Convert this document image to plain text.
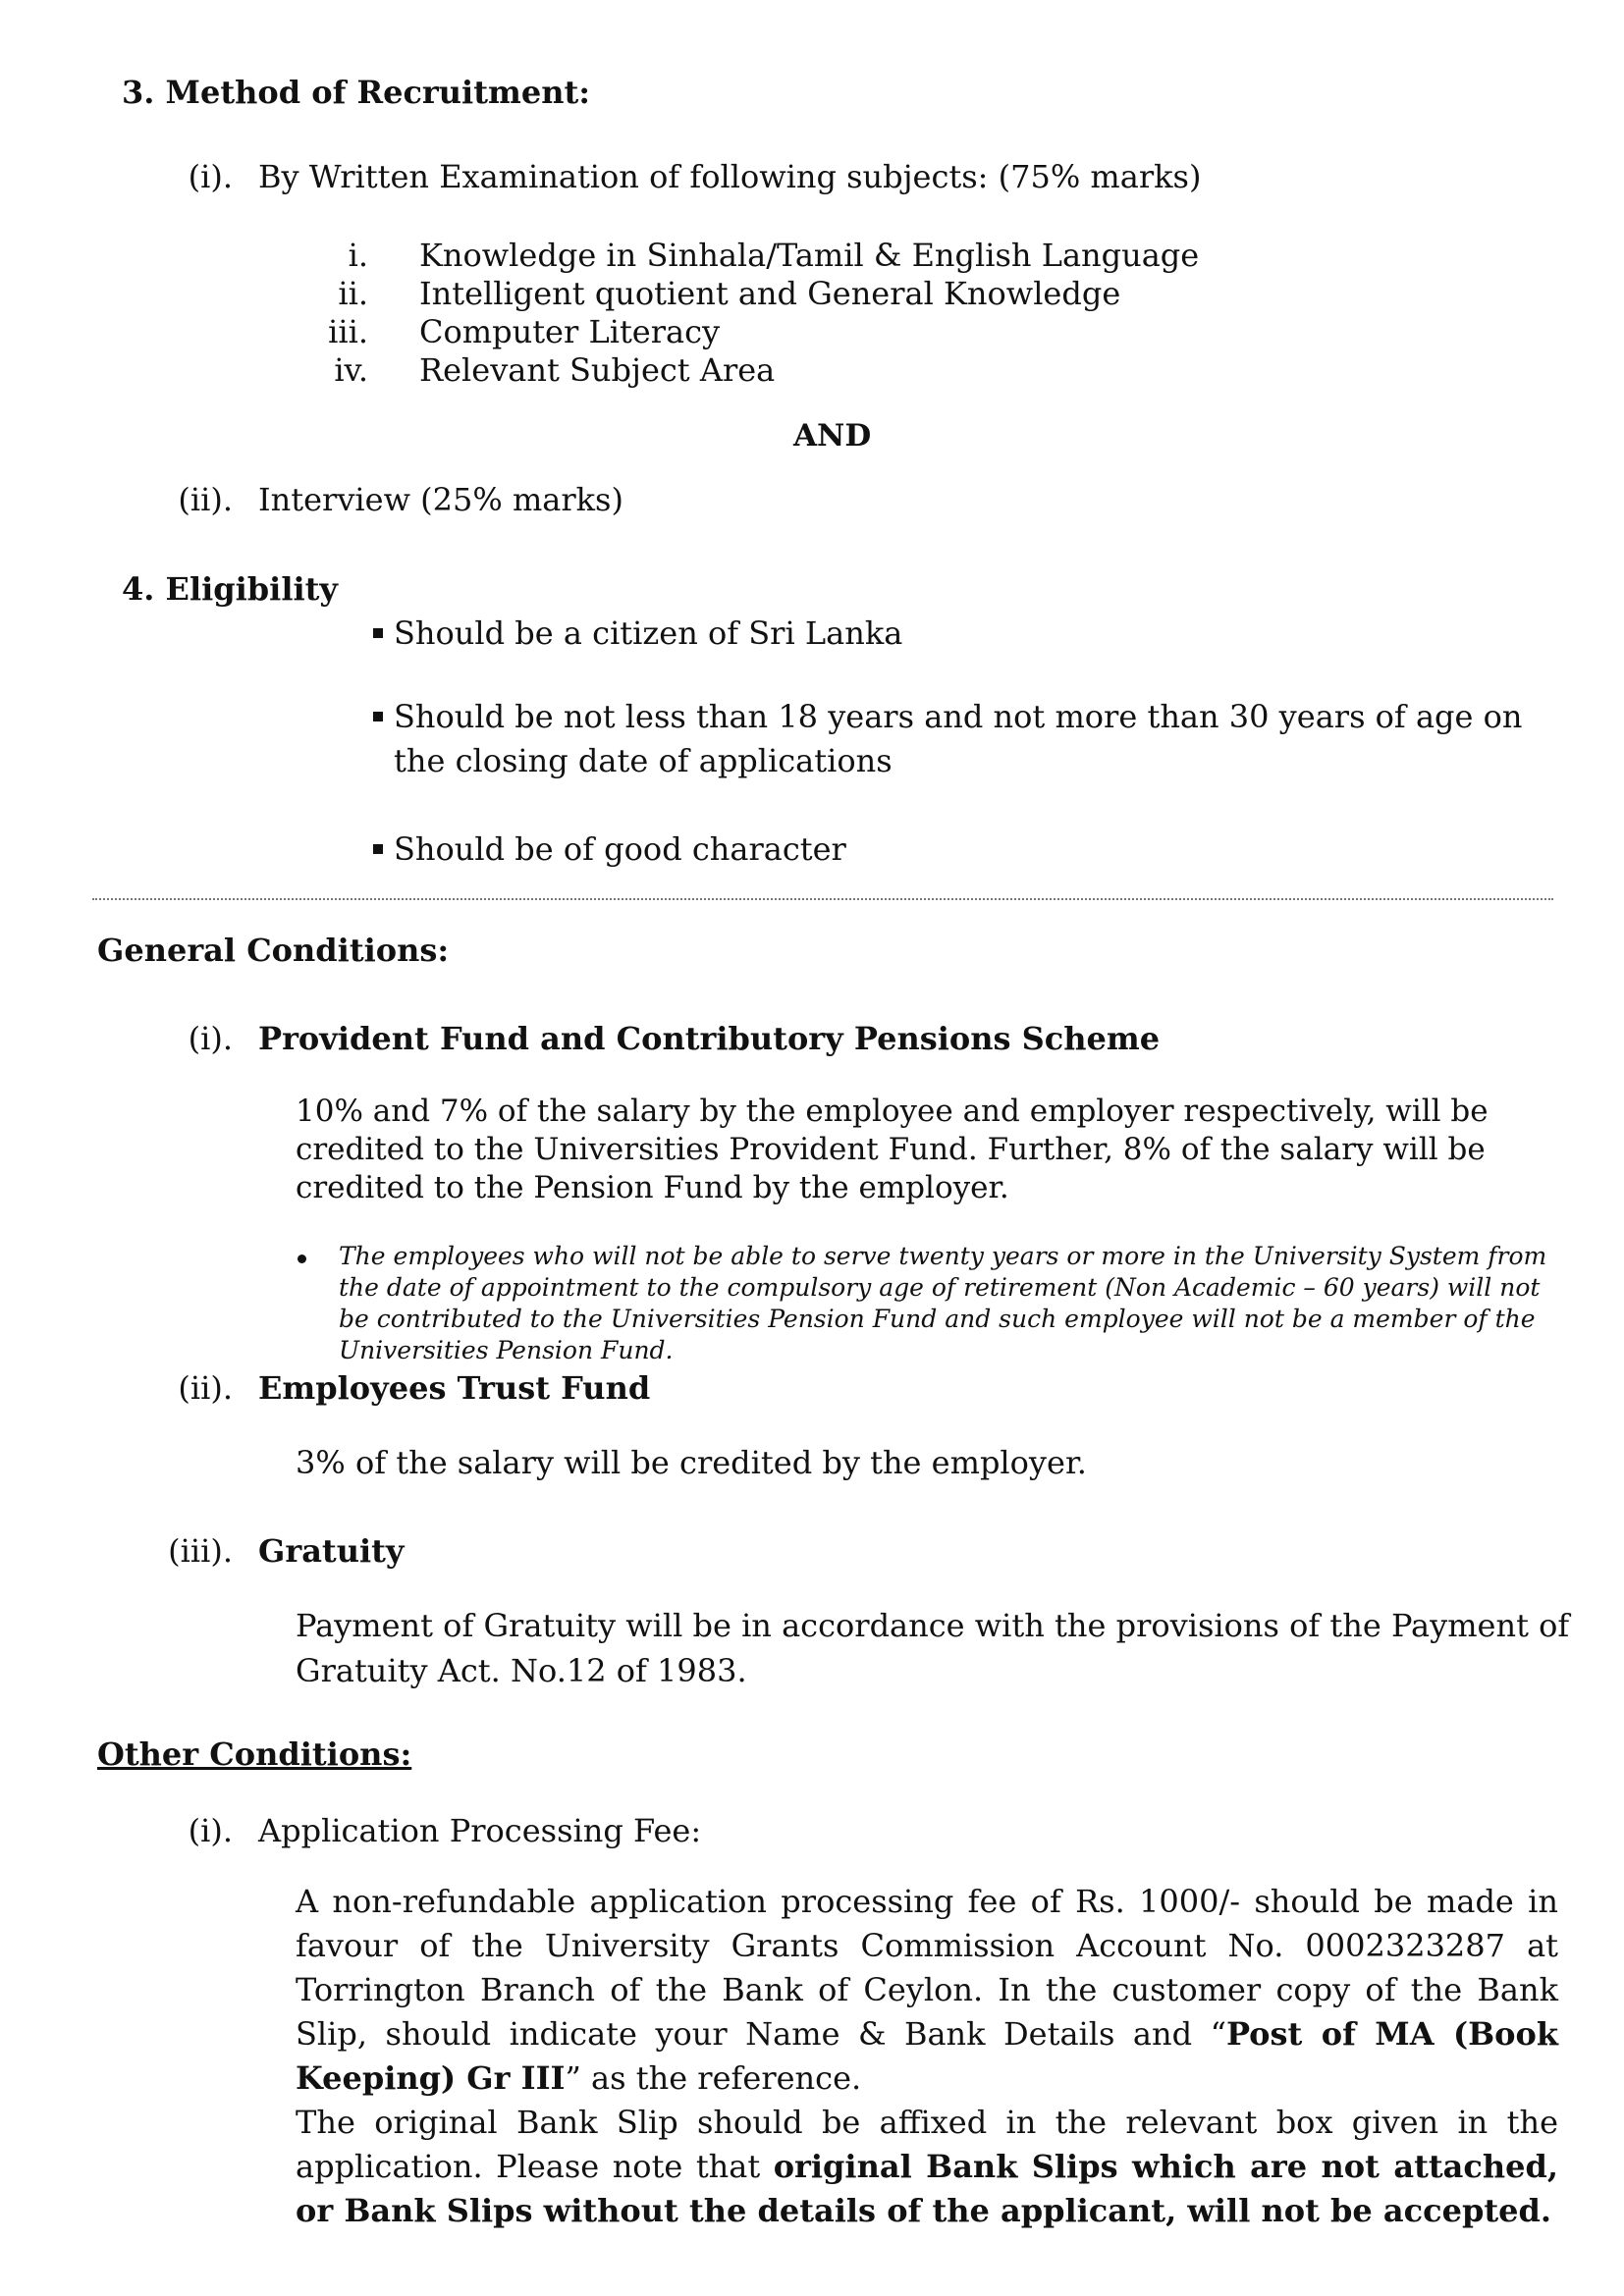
3. Method of Recruitment:
(i). By Written Examination of following subjects: (75% marks)
i. Knowledge in Sinhala/Tamil & English Language
ii. Intelligent quotient and General Knowledge
iii. Computer Literacy
iv. Relevant Subject Area
AND
(ii). Interview (25% marks)
4. Eligibility
Should be a citizen of Sri Lanka
Should be not less than 18 years and not more than 30 years of age on the closing date of applications
Should be of good character
General Conditions:
(i). Provident Fund and Contributory Pensions Scheme
10% and 7% of the salary by the employee and employer respectively, will be credited to the Universities Provident Fund. Further, 8% of the salary will be credited to the Pension Fund by the employer.
The employees who will not be able to serve twenty years or more in the University System from the date of appointment to the compulsory age of retirement (Non Academic – 60 years) will not be contributed to the Universities Pension Fund and such employee will not be a member of the Universities Pension Fund.
(ii). Employees Trust Fund
3% of the salary will be credited by the employer.
(iii). Gratuity
Payment of Gratuity will be in accordance with the provisions of the Payment of
Gratuity Act. No.12 of 1983.
Other Conditions:
(i). Application Processing Fee:
A non-refundable application processing fee of Rs. 1000/- should be made in favour of the University Grants Commission Account No. 0002323287 at Torrington Branch of the Bank of Ceylon. In the customer copy of the Bank Slip, should indicate your Name & Bank Details and “Post of MA (Book Keeping) Gr III” as the reference.
The original Bank Slip should be affixed in the relevant box given in the application. Please note that original Bank Slips which are not attached, or Bank Slips without the details of the applicant, will not be accepted.
